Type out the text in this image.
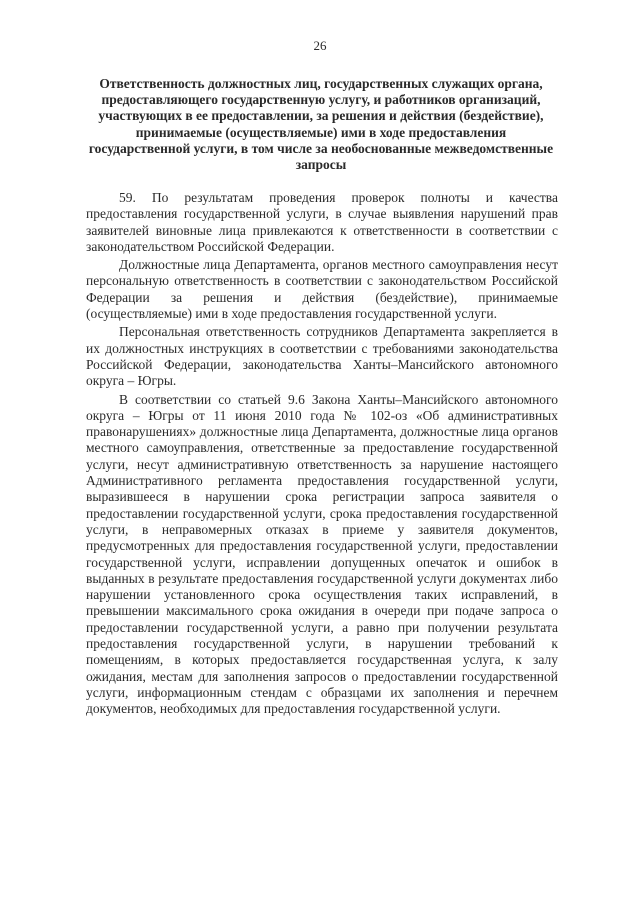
26
Ответственность должностных лиц, государственных служащих органа, предоставляющего государственную услугу, и работников организаций, участвующих в ее предоставлении, за решения и действия (бездействие), принимаемые (осуществляемые) ими в ходе предоставления государственной услуги, в том числе за необоснованные межведомственные запросы

59. По результатам проведения проверок полноты и качества предоставления государственной услуги, в случае выявления нарушений прав заявителей виновные лица привлекаются к ответственности в соответствии с законодательством Российской Федерации.

Должностные лица Департамента, органов местного самоуправления несут персональную ответственность в соответствии с законодательством Российской Федерации за решения и действия (бездействие), принимаемые (осуществляемые) ими в ходе предоставления государственной услуги.

Персональная ответственность сотрудников Департамента закрепляется в их должностных инструкциях в соответствии с требованиями законодательства Российской Федерации, законодательства Ханты–Мансийского автономного округа – Югры.

В соответствии со статьей 9.6 Закона Ханты–Мансийского автономного округа – Югры от 11 июня 2010 года № 102-оз «Об административных правонарушениях» должностные лица Департамента, должностные лица органов местного самоуправления, ответственные за предоставление государственной услуги, несут административную ответственность за нарушение настоящего Административного регламента предоставления государственной услуги, выразившееся в нарушении срока регистрации запроса заявителя о предоставлении государственной услуги, срока предоставления государственной услуги, в неправомерных отказах в приеме у заявителя документов, предусмотренных для предоставления государственной услуги, предоставлении государственной услуги, исправлении допущенных опечаток и ошибок в выданных в результате предоставления государственной услуги документах либо нарушении установленного срока осуществления таких исправлений, в превышении максимального срока ожидания в очереди при подаче запроса о предоставлении государственной услуги, а равно при получении результата предоставления государственной услуги, в нарушении требований к помещениям, в которых предоставляется государственная услуга, к залу ожидания, местам для заполнения запросов о предоставлении государственной услуги, информационным стендам с образцами их заполнения и перечнем документов, необходимых для предоставления государственной услуги.
